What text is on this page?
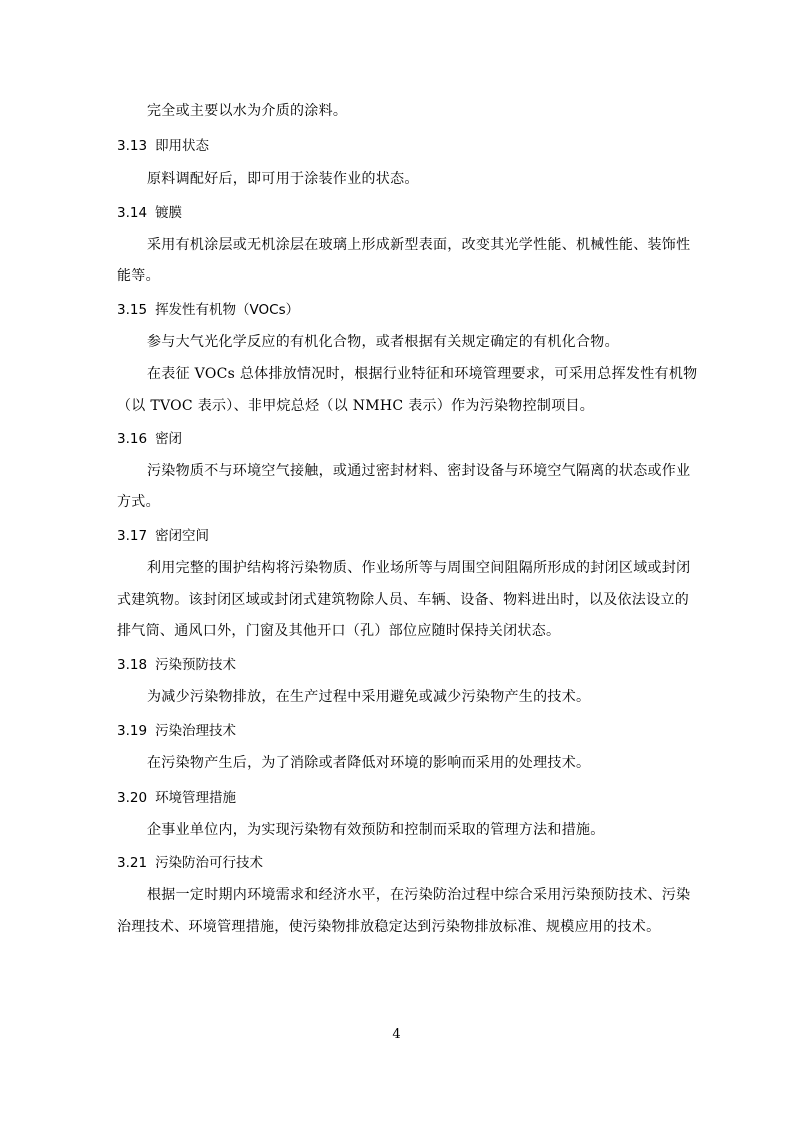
完全或主要以水为介质的涂料。
3.13 即用状态
原料调配好后，即可用于涂装作业的状态。
3.14 镀膜
采用有机涂层或无机涂层在玻璃上形成新型表面，改变其光学性能、机械性能、装饰性
能等。
3.15 挥发性有机物（VOCs）
参与大气光化学反应的有机化合物，或者根据有关规定确定的有机化合物。
在表征 VOCs 总体排放情况时，根据行业特征和环境管理要求，可采用总挥发性有机物
（以 TVOC 表示）、非甲烷总烃（以 NMHC 表示）作为污染物控制项目。
3.16 密闭
污染物质不与环境空气接触，或通过密封材料、密封设备与环境空气隔离的状态或作业
方式。
3.17 密闭空间
利用完整的围护结构将污染物质、作业场所等与周围空间阻隔所形成的封闭区域或封闭
式建筑物。该封闭区域或封闭式建筑物除人员、车辆、设备、物料进出时，以及依法设立的
排气筒、通风口外，门窗及其他开口（孔）部位应随时保持关闭状态。
3.18 污染预防技术
为减少污染物排放，在生产过程中采用避免或减少污染物产生的技术。
3.19 污染治理技术
在污染物产生后，为了消除或者降低对环境的影响而采用的处理技术。
3.20 环境管理措施
企事业单位内，为实现污染物有效预防和控制而采取的管理方法和措施。
3.21 污染防治可行技术
根据一定时期内环境需求和经济水平，在污染防治过程中综合采用污染预防技术、污染
治理技术、环境管理措施，使污染物排放稳定达到污染物排放标准、规模应用的技术。
4
